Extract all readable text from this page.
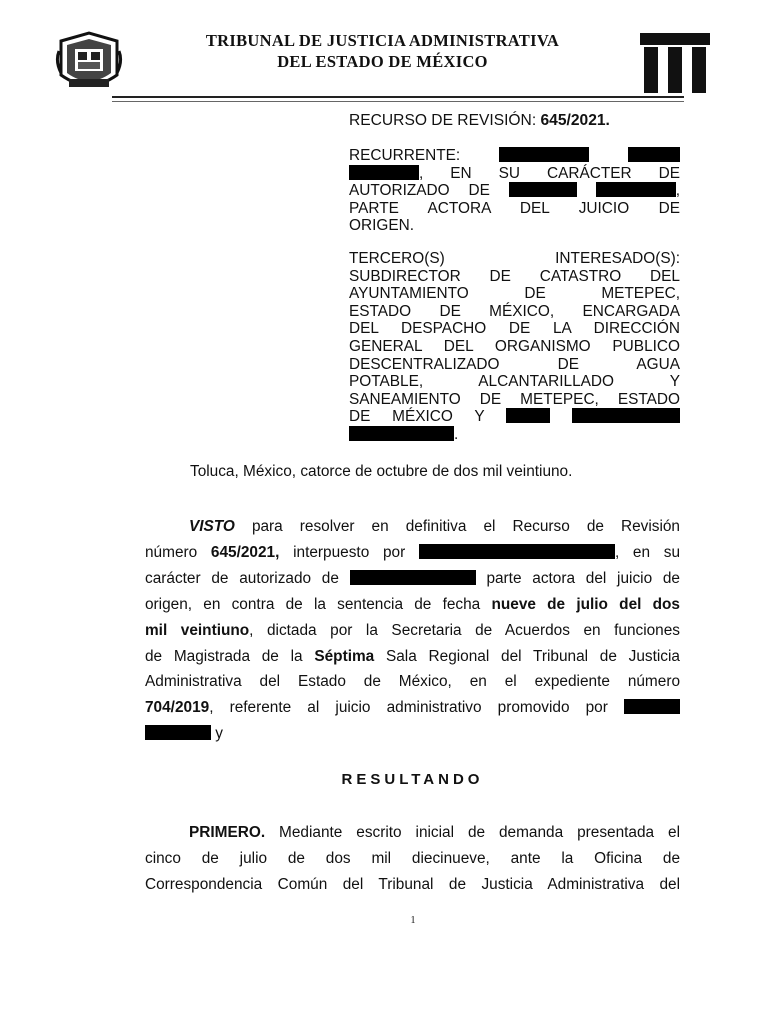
TRIBUNAL DE JUSTICIA ADMINISTRATIVA
DEL ESTADO DE MÉXICO
RECURSO DE REVISIÓN: 645/2021.
RECURRENTE:
, EN SU CARÁCTER DE
AUTORIZADO DE	,
PARTE ACTORA DEL JUICIO DE
ORIGEN.
TERCERO(S) INTERESADO(S):
SUBDIRECTOR DE CATASTRO DEL
AYUNTAMIENTO DE METEPEC,
ESTADO DE MÉXICO, ENCARGADA
DEL DESPACHO DE LA DIRECCIÓN
GENERAL DEL ORGANISMO PUBLICO
DESCENTRALIZADO DE AGUA
POTABLE, ALCANTARILLADO Y
SANEAMIENTO DE METEPEC, ESTADO
DE MÉXICO Y
.
Toluca, México, catorce de octubre de dos mil veintiuno.
VISTO para resolver en definitiva el Recurso de Revisión
número 645/2021, interpuesto por	, en su
carácter de autorizado de	parte actora del juicio de
origen, en contra de la sentencia de fecha nueve de julio del dos
mil veintiuno, dictada por la Secretaria de Acuerdos en funciones
de Magistrada de la Séptima Sala Regional del Tribunal de Justicia
Administrativa del Estado de México, en el expediente número
704/2019, referente al juicio administrativo promovido por
y
RESULTANDO
PRIMERO. Mediante escrito inicial de demanda presentada el
cinco de julio de dos mil diecinueve, ante la Oficina de
Correspondencia Común del Tribunal de Justicia Administrativa del
1
